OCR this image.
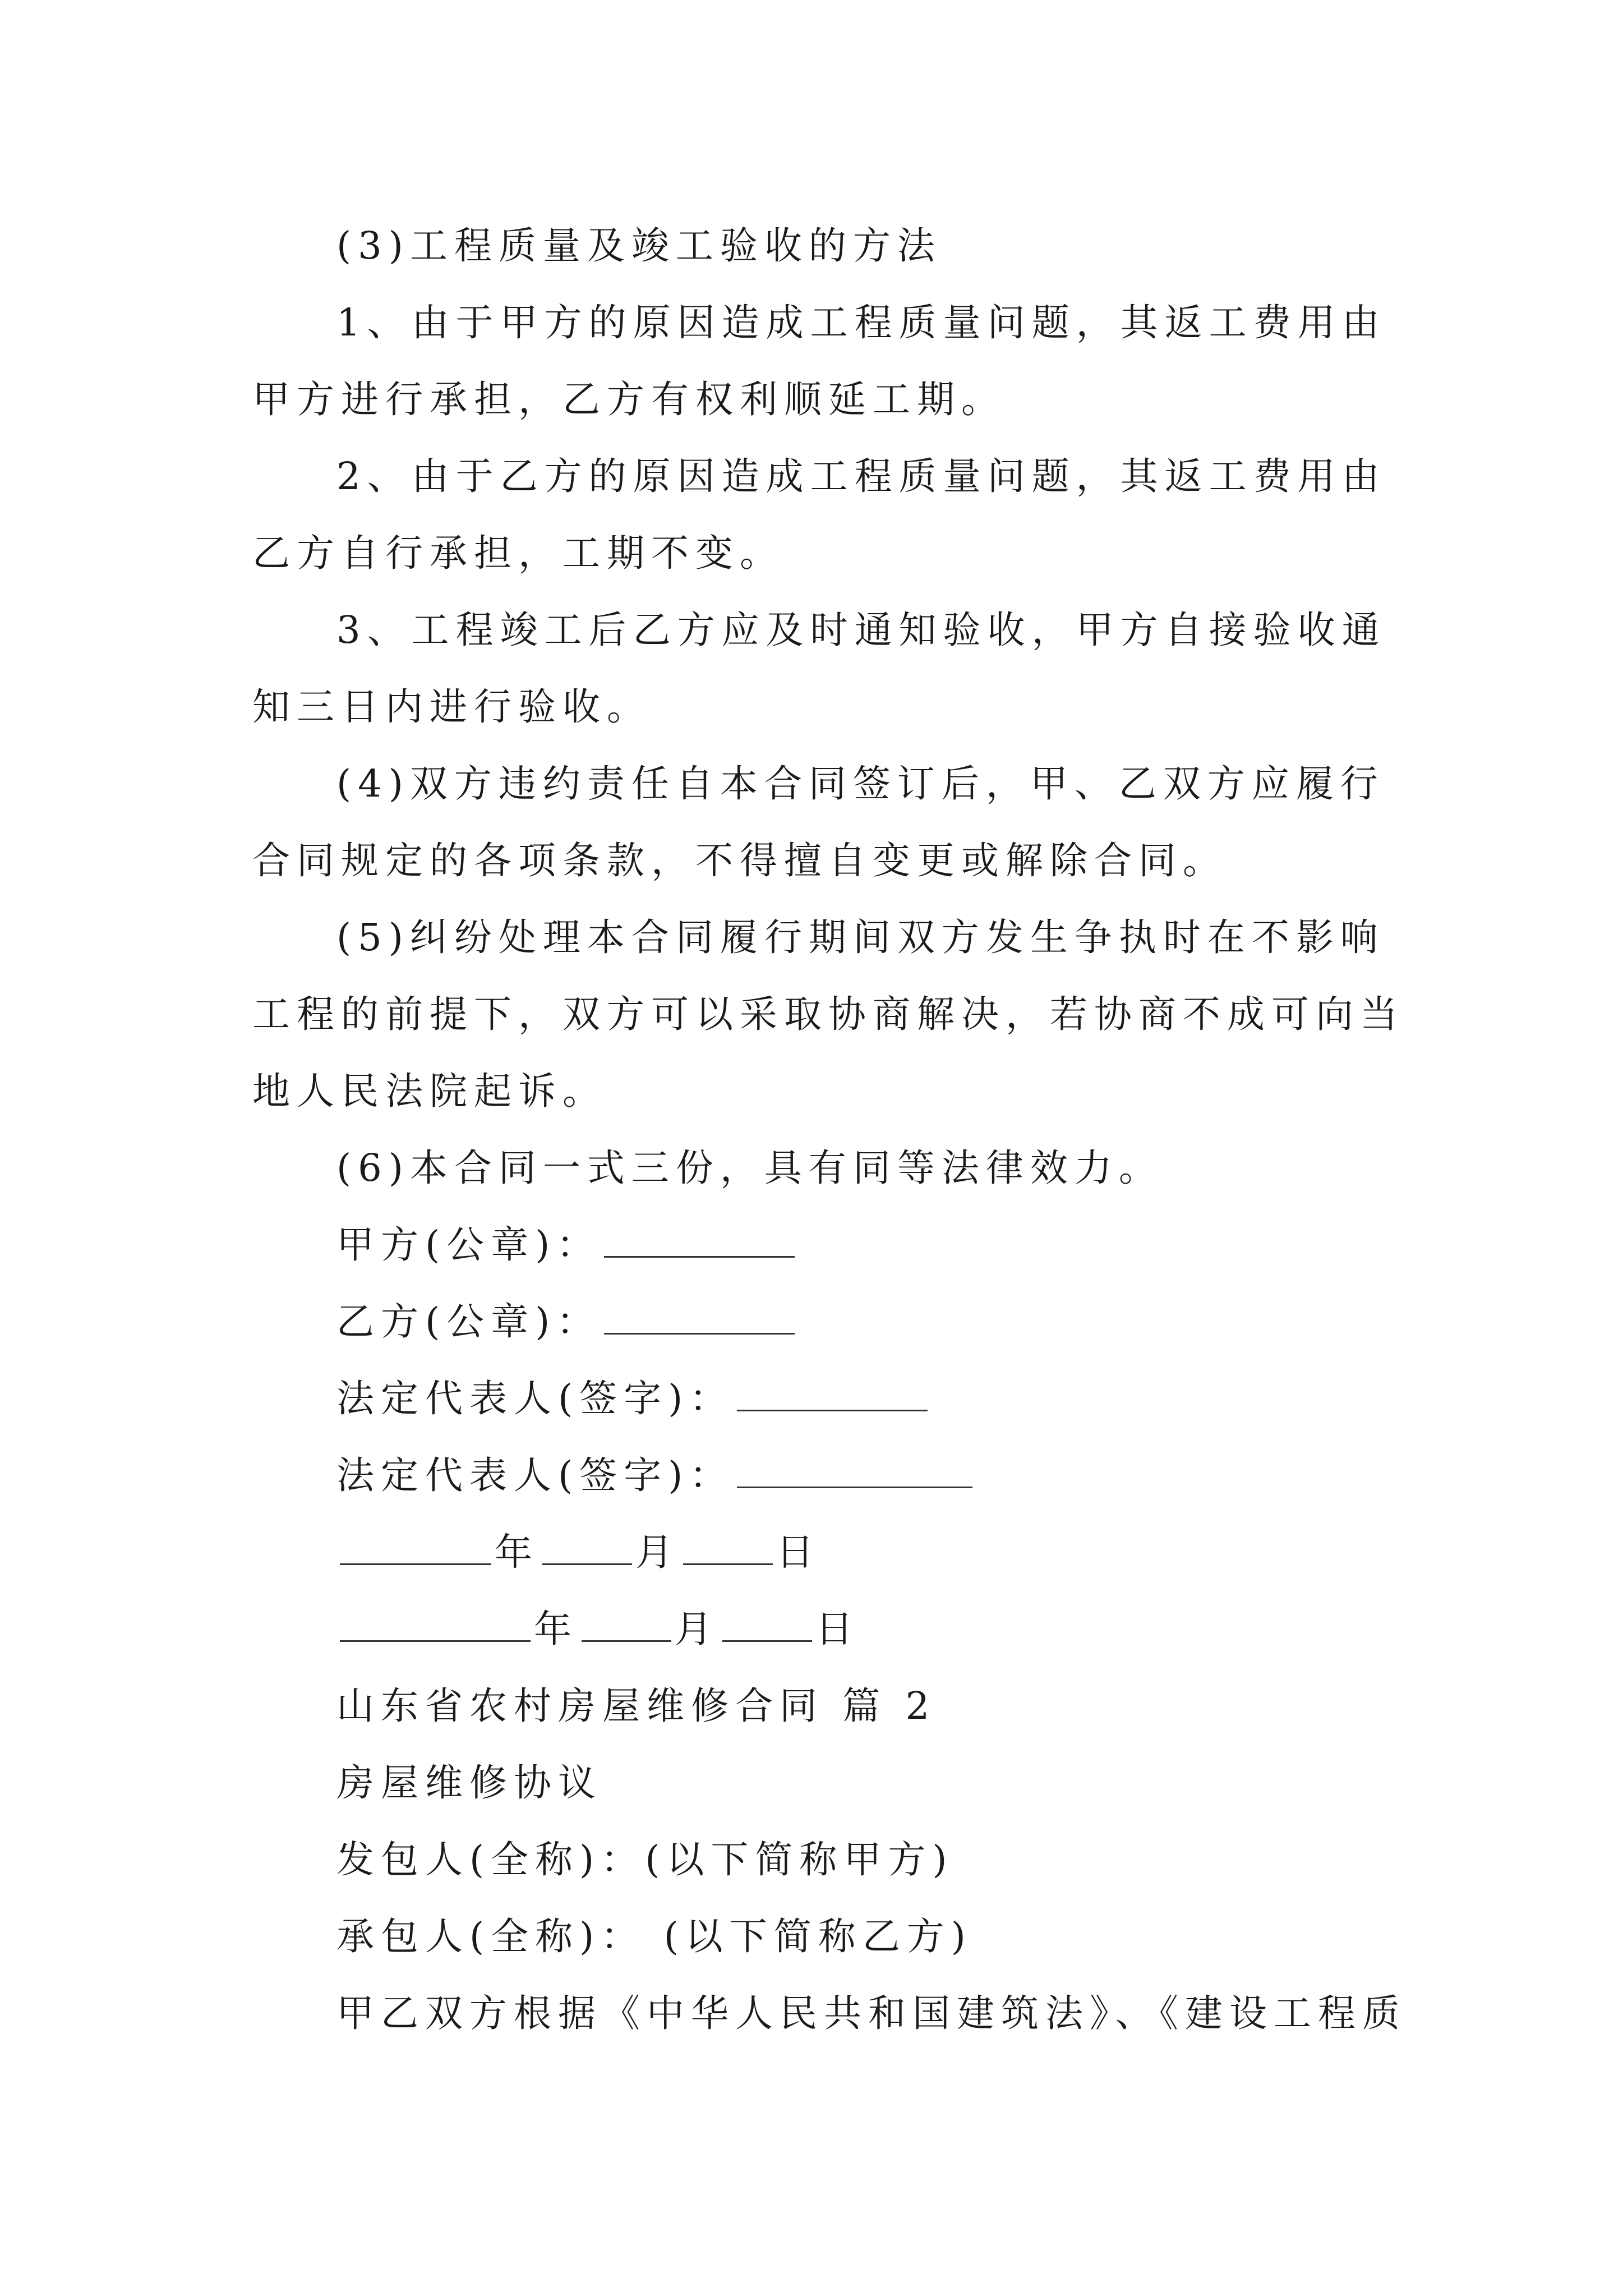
(3)工程质量及竣工验收的方法
1、由于甲方的原因造成工程质量问题，其返工费用由
甲方进行承担，乙方有权利顺延工期。
2、由于乙方的原因造成工程质量问题，其返工费用由
乙方自行承担，工期不变。
3、工程竣工后乙方应及时通知验收，甲方自接验收通
知三日内进行验收。
(4)双方违约责任自本合同签订后，甲、乙双方应履行
合同规定的各项条款，不得擅自变更或解除合同。
(5)纠纷处理本合同履行期间双方发生争执时在不影响
工程的前提下，双方可以采取协商解决，若协商不成可向当
地人民法院起诉。
(6)本合同一式三份，具有同等法律效力。
甲方(公章)：
乙方(公章)：
法定代表人(签字)：
法定代表人(签字)：
年	月	日
年	月	日
山东省农村房屋维修合同 篇 2
房屋维修协议
发包人(全称)：(以下简称甲方)
承包人(全称)： (以下简称乙方)
甲乙双方根据《中华人民共和国建筑法》、《建设工程质
